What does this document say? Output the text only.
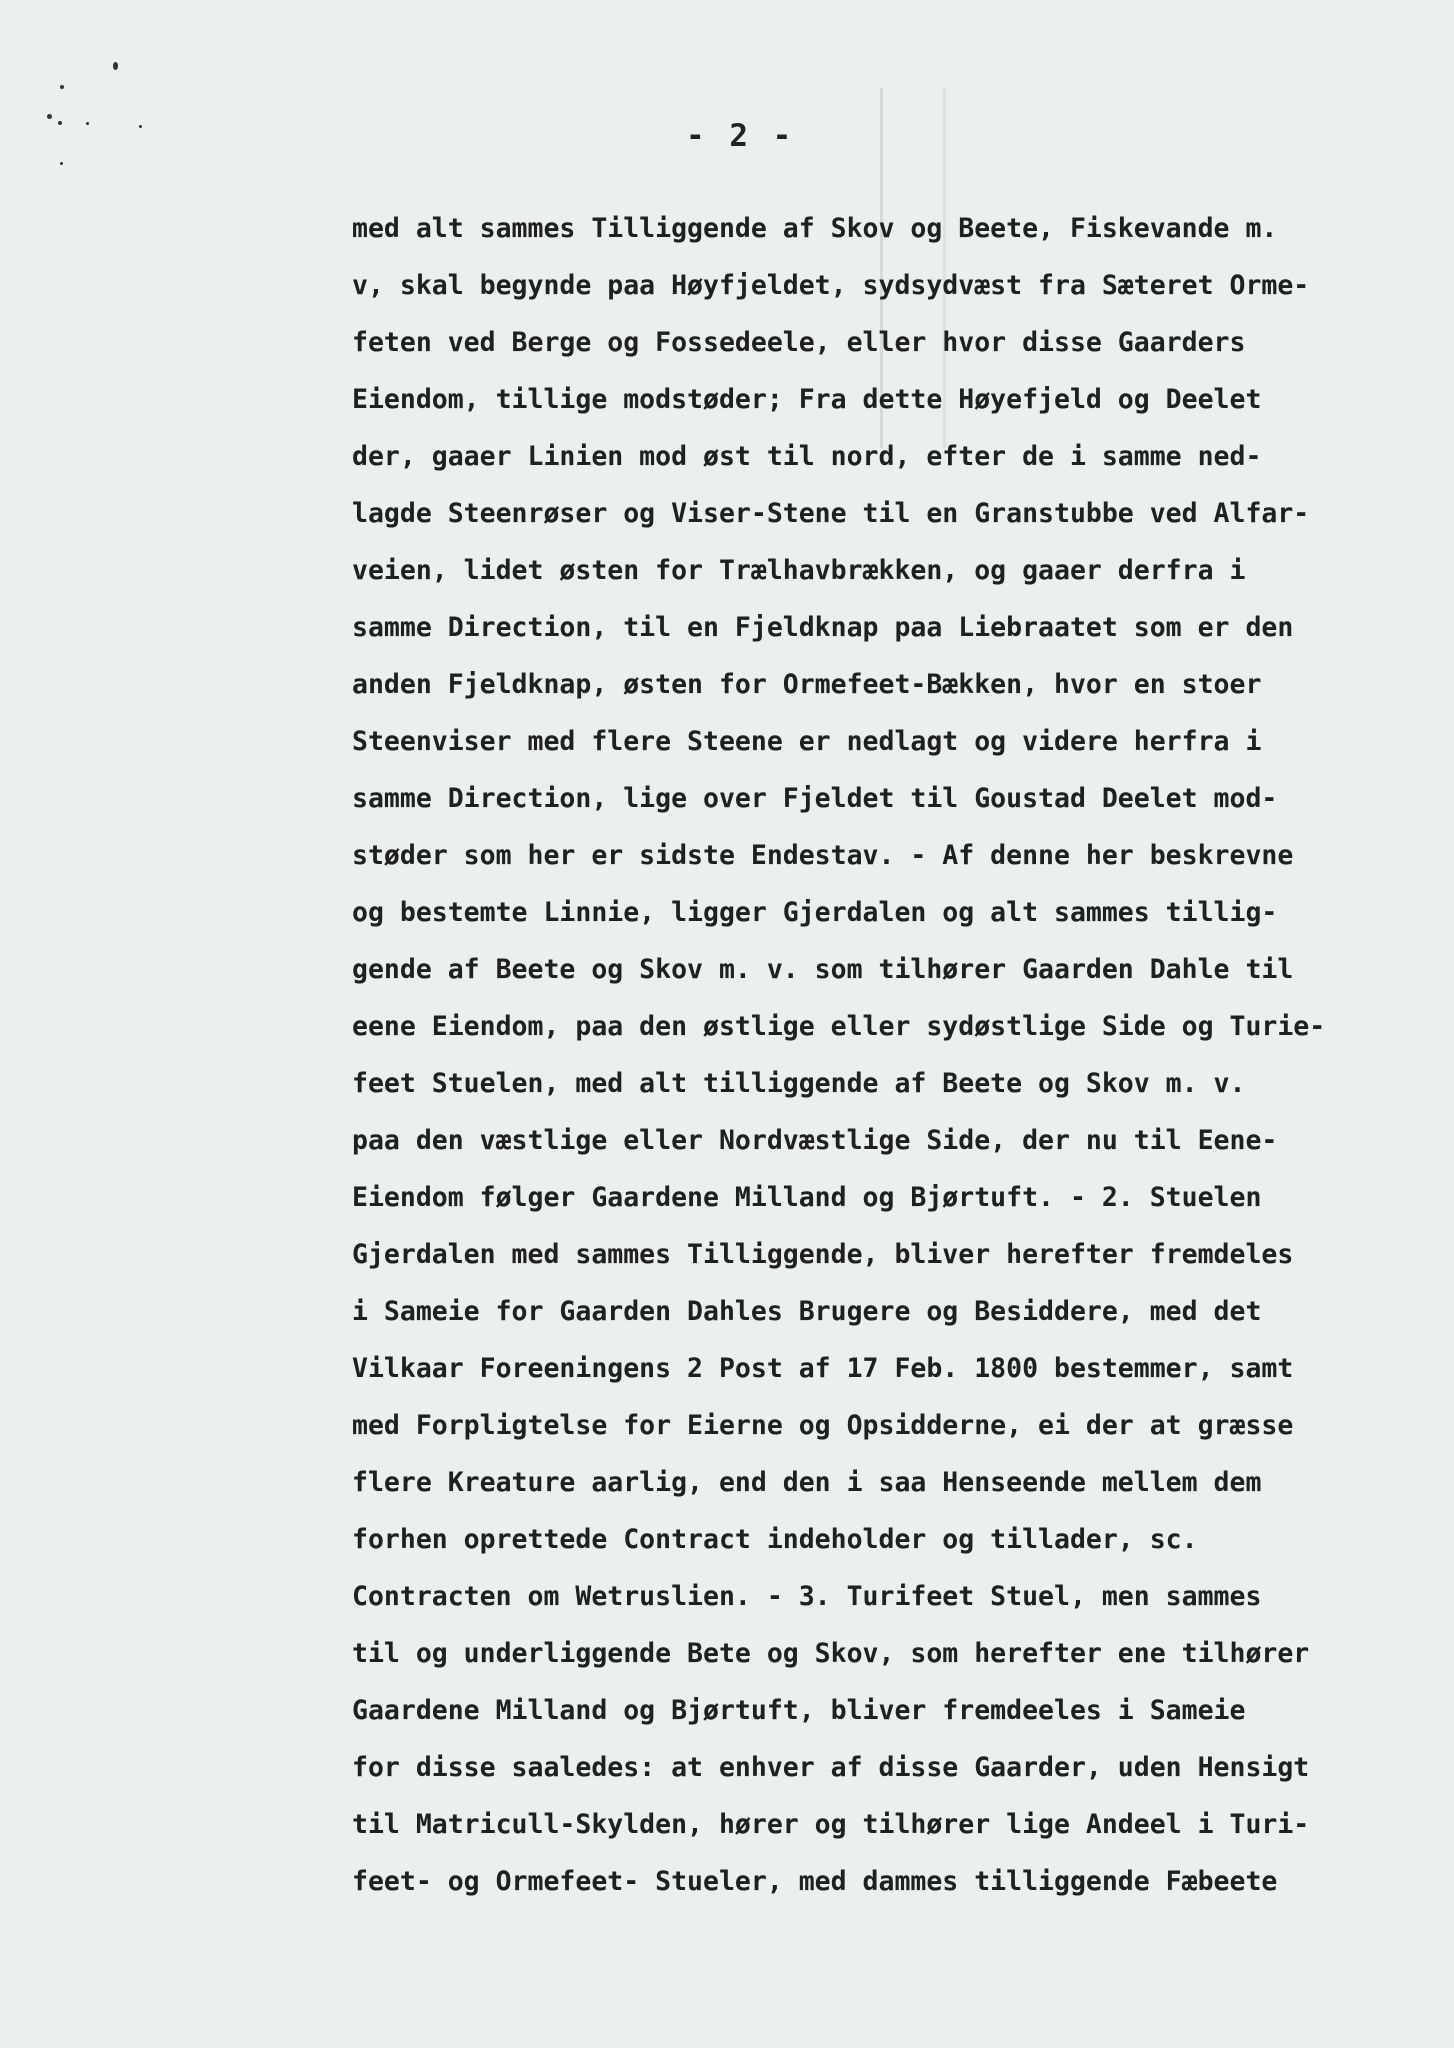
- 2 -
med alt sammes Tilliggende af Skov og Beete, Fiskevande m.
v, skal begynde paa Høyfjeldet, sydsydvæst fra Sæteret Orme-
feten ved Berge og Fossedeele, eller hvor disse Gaarders
Eiendom, tillige modstøder; Fra dette Høyefjeld og Deelet
der, gaaer Linien mod øst til nord, efter de i samme ned-
lagde Steenrøser og Viser-Stene til en Granstubbe ved Alfar-
veien, lidet østen for Trælhavbrækken, og gaaer derfra i
samme Direction, til en Fjeldknap paa Liebraatet som er den
anden Fjeldknap, østen for Ormefeet-Bækken, hvor en stoer
Steenviser med flere Steene er nedlagt og videre herfra i
samme Direction, lige over Fjeldet til Goustad Deelet mod-
støder som her er sidste Endestav. - Af denne her beskrevne
og bestemte Linnie, ligger Gjerdalen og alt sammes tillig-
gende af Beete og Skov m. v. som tilhører Gaarden Dahle til
eene Eiendom, paa den østlige eller sydøstlige Side og Turie-
feet Stuelen, med alt tilliggende af Beete og Skov m. v.
paa den væstlige eller Nordvæstlige Side, der nu til Eene-
Eiendom følger Gaardene Milland og Bjørtuft. - 2. Stuelen
Gjerdalen med sammes Tilliggende, bliver herefter fremdeles
i Sameie for Gaarden Dahles Brugere og Besiddere, med det
Vilkaar Foreeningens 2 Post af 17 Feb. 1800 bestemmer, samt
med Forpligtelse for Eierne og Opsidderne, ei der at græsse
flere Kreature aarlig, end den i saa Henseende mellem dem
forhen oprettede Contract indeholder og tillader, sc.
Contracten om Wetruslien. - 3. Turifeet Stuel, men sammes
til og underliggende Bete og Skov, som herefter ene tilhører
Gaardene Milland og Bjørtuft, bliver fremdeeles i Sameie
for disse saaledes: at enhver af disse Gaarder, uden Hensigt
til Matricull-Skylden, hører og tilhører lige Andeel i Turi-
feet- og Ormefeet- Stueler, med dammes tilliggende Fæbeete
